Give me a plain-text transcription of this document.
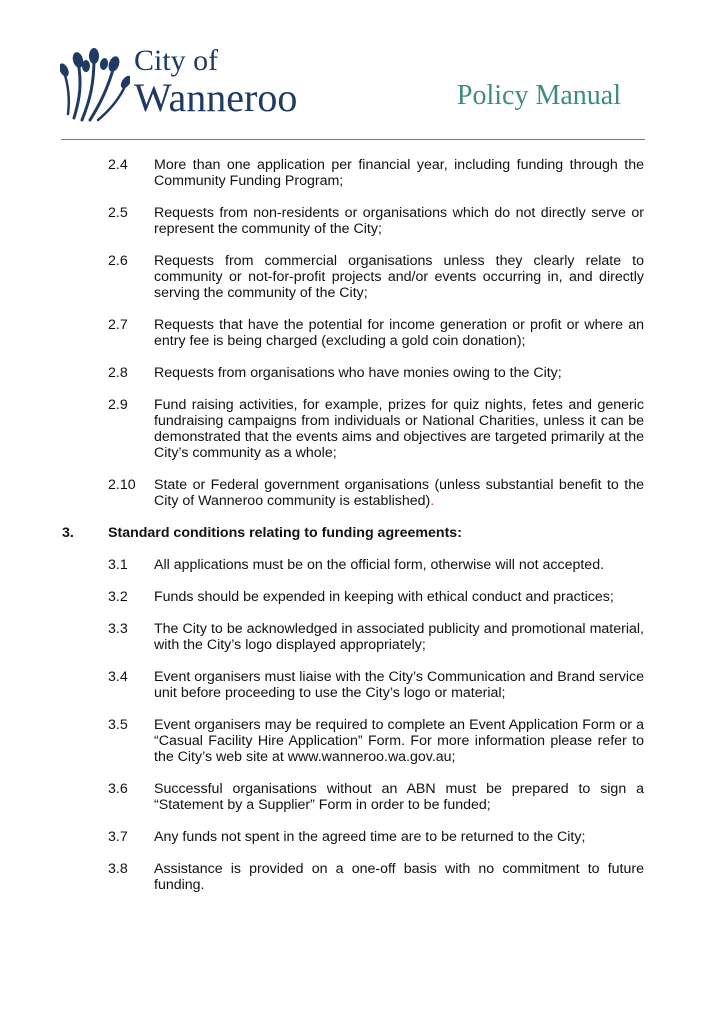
City of
Wanneroo	Policy Manual
2.4 More than one application per financial year, including funding through the Community Funding Program;
2.5 Requests from non-residents or organisations which do not directly serve or represent the community of the City;
2.6 Requests from commercial organisations unless they clearly relate to community or not-for-profit projects and/or events occurring in, and directly serving the community of the City;
2.7 Requests that have the potential for income generation or profit or where an entry fee is being charged (excluding a gold coin donation);
2.8 Requests from organisations who have monies owing to the City;
2.9 Fund raising activities, for example, prizes for quiz nights, fetes and generic fundraising campaigns from individuals or National Charities, unless it can be demonstrated that the events aims and objectives are targeted primarily at the City’s community as a whole;
2.10 State or Federal government organisations (unless substantial benefit to the City of Wanneroo community is established).
3. Standard conditions relating to funding agreements:
3.1 All applications must be on the official form, otherwise will not accepted.
3.2 Funds should be expended in keeping with ethical conduct and practices;
3.3 The City to be acknowledged in associated publicity and promotional material, with the City’s logo displayed appropriately;
3.4 Event organisers must liaise with the City’s Communication and Brand service unit before proceeding to use the City’s logo or material;
3.5 Event organisers may be required to complete an Event Application Form or a “Casual Facility Hire Application” Form. For more information please refer to the City’s web site at www.wanneroo.wa.gov.au;
3.6 Successful organisations without an ABN must be prepared to sign a “Statement by a Supplier” Form in order to be funded;
3.7 Any funds not spent in the agreed time are to be returned to the City;
3.8 Assistance is provided on a one-off basis with no commitment to future funding.
